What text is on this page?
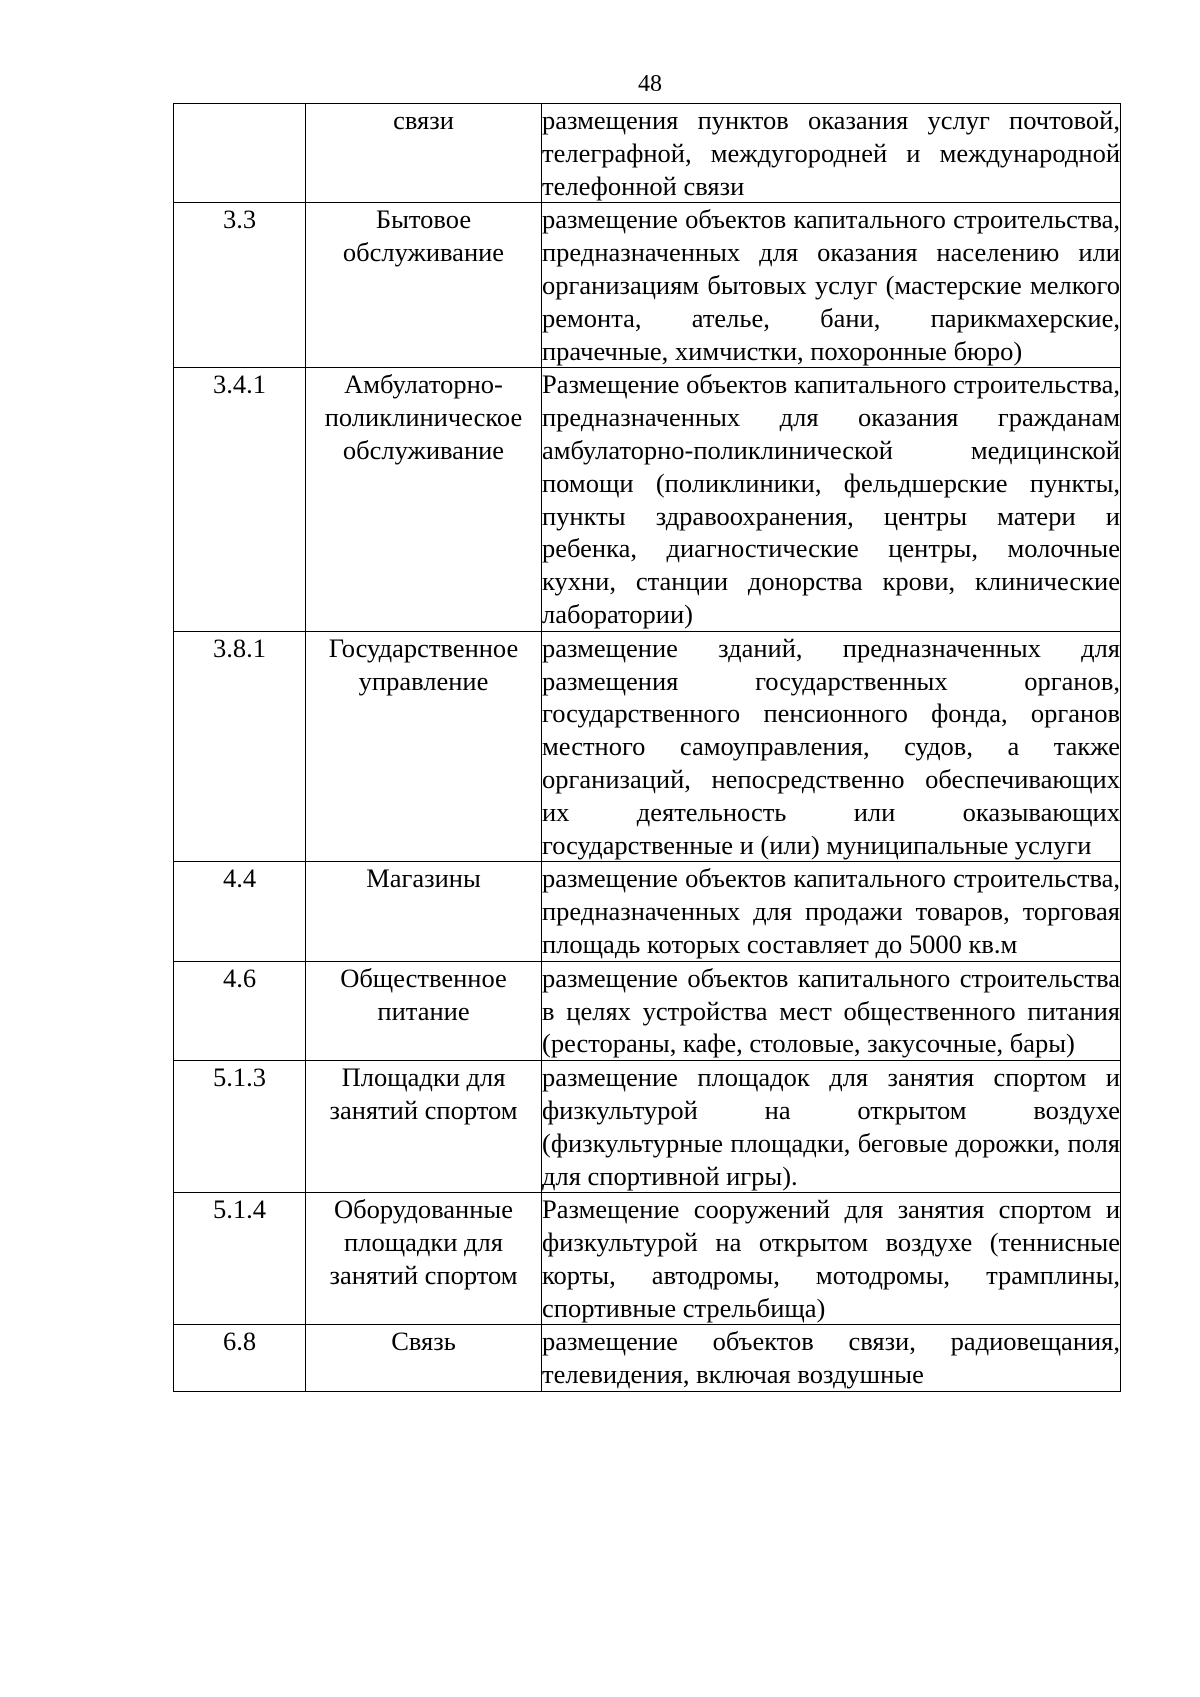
48
	связи	размещения пунктов оказания услуг почтовой, телеграфной, междугородней и международной телефонной связи
3.3	Бытовое обслуживание	размещение объектов капитального строительства, предназначенных для оказания населению или организациям бытовых услуг (мастерские мелкого ремонта, ателье, бани, парикмахерские, прачечные, химчистки, похоронные бюро)
3.4.1	Амбулаторно-поликлиническое обслуживание	Размещение объектов капитального строительства, предназначенных для оказания гражданам амбулаторно-поликлинической медицинской помощи (поликлиники, фельдшерские пункты, пункты здравоохранения, центры матери и ребенка, диагностические центры, молочные кухни, станции донорства крови, клинические лаборатории)
3.8.1	Государственное управление	размещение зданий, предназначенных для размещения государственных органов, государственного пенсионного фонда, органов местного самоуправления, судов, а также организаций, непосредственно обеспечивающих их деятельность или оказывающих государственные и (или) муниципальные услуги
4.4	Магазины	размещение объектов капитального строительства, предназначенных для продажи товаров, торговая площадь которых составляет до 5000 кв.м
4.6	Общественное питание	размещение объектов капитального строительства в целях устройства мест общественного питания (рестораны, кафе, столовые, закусочные, бары)
5.1.3	Площадки для занятий спортом	размещение площадок для занятия спортом и физкультурой на открытом воздухе (физкультурные площадки, беговые дорожки, поля для спортивной игры).
5.1.4	Оборудованные площадки для занятий спортом	Размещение сооружений для занятия спортом и физкультурой на открытом воздухе (теннисные корты, автодромы, мотодромы, трамплины, спортивные стрельбища)
6.8	Связь	размещение объектов связи, радиовещания, телевидения, включая воздушные
